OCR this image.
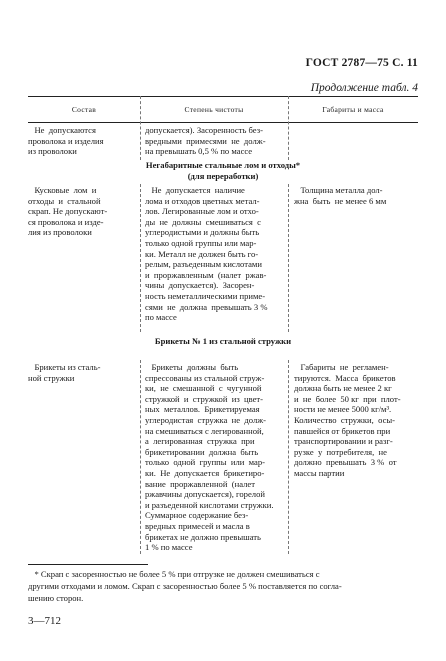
ГОСТ 2787—75 С. 11
Продолжение табл. 4
Состав	Степень чистоты	Габариты и масса
Не  допускаются
проволока и изделия
из проволоки
допускается). Засоренность без-
вредными  примесями  не  долж-
на превышать 0,5 % по массе
Негабаритные стальные лом и отходы*
(для переработки)
Кусковые  лом  и
отходы  и  стальной
скрап. Не допускают-
ся проволока и изде-
лия из проволоки
Не  допускается  наличие
лома и отходов цветных метал-
лов. Легированные лом и отхо-
ды  не  должны  смешиваться  с
углеродистыми и должны быть
только одной группы или мар-
ки. Металл не должен быть го-
релым, разъеденным кислотами
и  проржавленным  (налет  ржав-
чины  допускается).  Засорен-
ность неметаллическими приме-
сями  не  должна  превышать 3 %
по массе
Толщина металла дол-
жна  быть  не менее 6 мм
Брикеты № 1 из стальной стружки
Брикеты из сталь-
ной стружки
Брикеты  должны  быть
спрессованы из стальной струж-
ки,  не  смешанной  с  чугунной
стружкой  и  стружкой  из  цвет-
ных  металлов.  Брикетируемая
углеродистая  стружка  не  долж-
на смешиваться с легированной,
а  легированная  стружка  при
брикетировании  должна  быть
только  одной  группы  или  мар-
ки.  Не  допускается  брикетиро-
вание  проржавленной  (налет
ржавчины допускается), горелой
и разъеденной кислотами стружки.
Суммарное содержание без-
вредных примесей и масла в
брикетах не должно превышать
1 % по массе
Габариты  не  регламен-
тируются.  Масса  брикетов
должна быть не менее 2 кг
и  не  более  50 кг  при  плот-
ности не менее 5000 кг/м³.
Количество  стружки,  осы-
павшейся от брикетов при
транспортировании и разг-
рузке  у  потребителя,  не
должно  превышать  3 %  от
массы партии
* Скрап с засоренностью не более 5 % при отгрузке не должен смешиваться с
другими отходами и ломом. Скрап с засоренностью более 5 % поставляется по согла-
шению сторон.
3—712
